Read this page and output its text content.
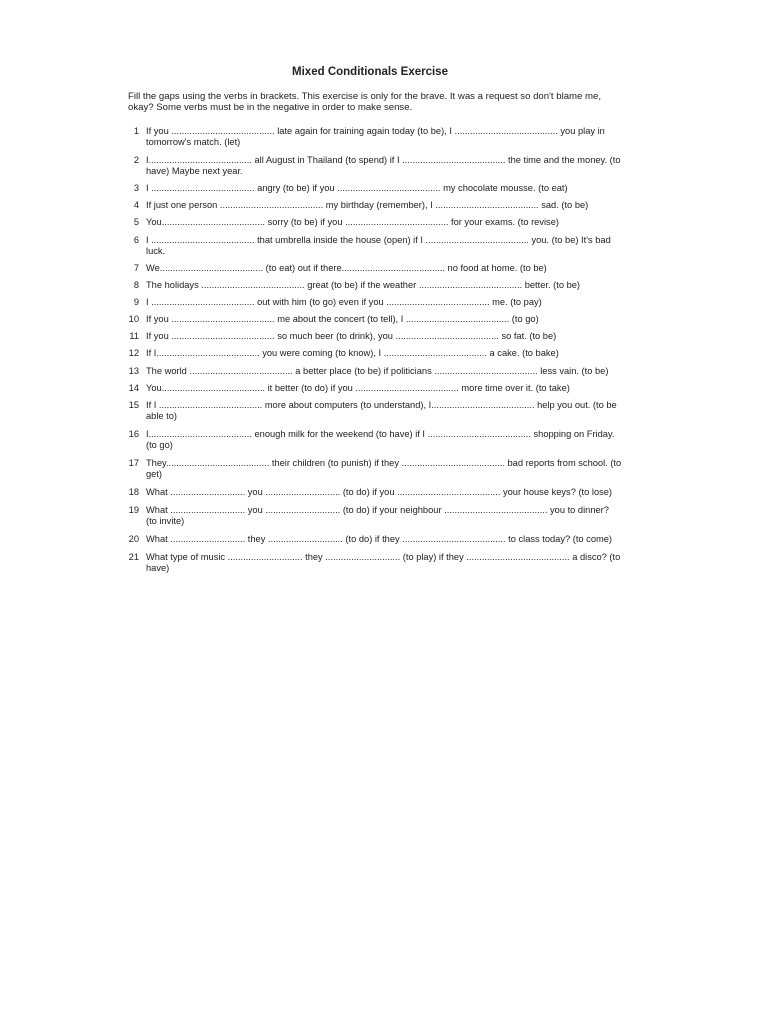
Mixed Conditionals Exercise
Fill the gaps using the verbs in brackets. This exercise is only for the brave. It was a request so don't blame me, okay? Some verbs must be in the negative in order to make sense.
1 If you ........................................ late again for training again today (to be), I ........................................ you play in tomorrow's match. (let)
2 I........................................ all August in Thailand (to spend) if I ........................................ the time and the money. (to have) Maybe next year.
3 I ........................................ angry (to be) if you ........................................ my chocolate mousse. (to eat)
4 If just one person ........................................ my birthday (remember), I ........................................ sad. (to be)
5 You........................................ sorry (to be) if you ........................................ for your exams. (to revise)
6 I ........................................ that umbrella inside the house (open) if I ........................................ you. (to be) It's bad luck.
7 We........................................ (to eat) out if there........................................ no food at home. (to be)
8 The holidays ........................................ great (to be) if the weather ........................................ better. (to be)
9 I ........................................ out with him (to go) even if you ........................................ me. (to pay)
10 If you ........................................ me about the concert (to tell), I ........................................ (to go)
11 If you ........................................ so much beer (to drink), you ........................................ so fat. (to be)
12 If I........................................ you were coming (to know), I ........................................ a cake. (to bake)
13 The world ........................................ a better place (to be) if politicians ........................................ less vain. (to be)
14 You........................................ it better (to do) if you ........................................ more time over it. (to take)
15 If I ........................................ more about computers (to understand), I........................................ help you out. (to be able to)
16 I........................................ enough milk for the weekend (to have) if I ........................................ shopping on Friday. (to go)
17 They........................................ their children (to punish) if they ........................................ bad reports from school. (to get)
18 What ............................. you ............................. (to do) if you ........................................ your house keys? (to lose)
19 What ............................. you ............................. (to do) if your neighbour ........................................ you to dinner? (to invite)
20 What ............................. they ............................. (to do) if they ........................................ to class today? (to come)
21 What type of music ............................. they ............................. (to play) if they ........................................ a disco? (to have)
